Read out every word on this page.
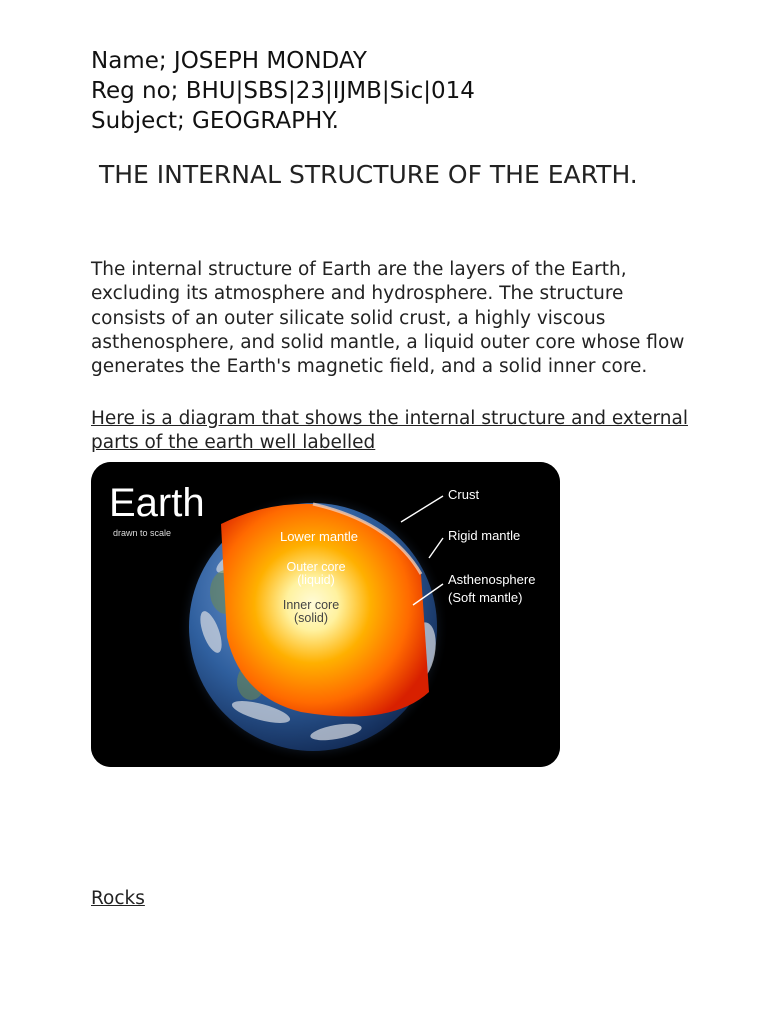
Name; JOSEPH MONDAY
Reg no; BHU|SBS|23|IJMB|Sic|014
Subject; GEOGRAPHY.
THE INTERNAL STRUCTURE OF THE EARTH.
The internal structure of Earth are the layers of the Earth, excluding its atmosphere and hydrosphere. The structure consists of an outer silicate solid crust, a highly viscous asthenosphere, and solid mantle, a liquid outer core whose flow generates the Earth's magnetic field, and a solid inner core.
Here is a diagram that shows the internal structure and external parts of the earth well labelled
Earth
drawn to scale	Lower mantle
Outer core
(liquid)
Inner core
(solid)
Crust
Rigid mantle
Asthenosphere
(Soft mantle)
Rocks
